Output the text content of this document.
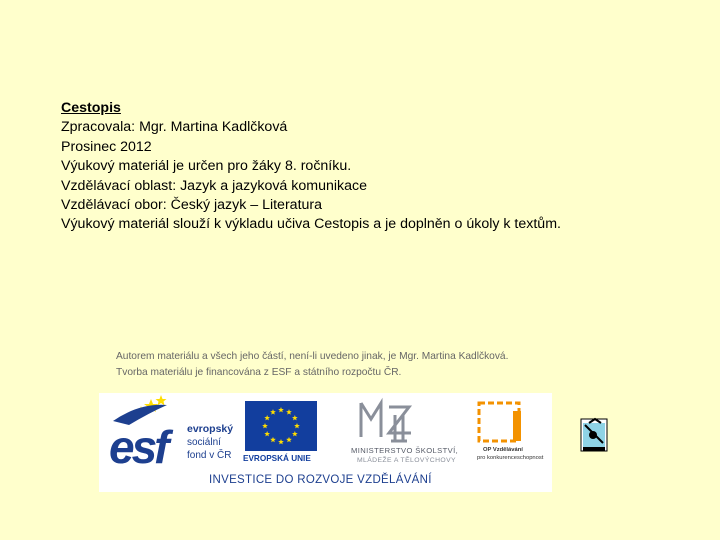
Cestopis
Zpracovala: Mgr. Martina Kadlčková
Prosinec 2012
Výukový materiál je určen pro žáky 8. ročníku.
Vzdělávací oblast: Jazyk a jazyková komunikace
Vzdělávací obor: Český jazyk – Literatura
Výukový materiál slouží k výkladu učiva Cestopis a je doplněn o úkoly k textům.
Autorem materiálu a všech jeho částí, není-li uvedeno jinak, je Mgr. Martina Kadlčková.
Tvorba materiálu je financována z ESF a státního rozpočtu ČR.
esf	evropský
sociální
fond v ČR EVROPSKÁ UNIE
MINISTERSTVO ŠKOLSTVÍ,
MLÁDEŽE A TĚLOVÝCHOVY
OP Vzdělávání
pro konkurenceschopnost
INVESTICE DO ROZVOJE VZDĚLÁVÁNÍ
